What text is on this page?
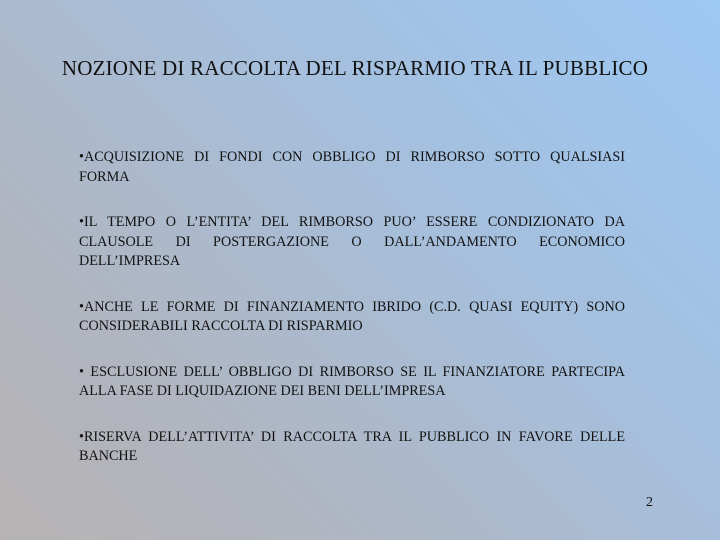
NOZIONE DI RACCOLTA DEL RISPARMIO TRA IL PUBBLICO
•ACQUISIZIONE DI FONDI CON OBBLIGO DI RIMBORSO SOTTO QUALSIASI FORMA
•IL TEMPO O L’ENTITA’ DEL RIMBORSO PUO’ ESSERE CONDIZIONATO DA CLAUSOLE DI POSTERGAZIONE O DALL’ANDAMENTO ECONOMICO DELL’IMPRESA
•ANCHE LE FORME DI FINANZIAMENTO IBRIDO (C.D. QUASI EQUITY) SONO CONSIDERABILI RACCOLTA DI RISPARMIO
• ESCLUSIONE DELL’ OBBLIGO DI RIMBORSO SE IL FINANZIATORE PARTECIPA ALLA FASE DI LIQUIDAZIONE DEI BENI DELL’IMPRESA
•RISERVA DELL’ATTIVITA’ DI RACCOLTA TRA IL PUBBLICO IN FAVORE DELLE BANCHE
2
